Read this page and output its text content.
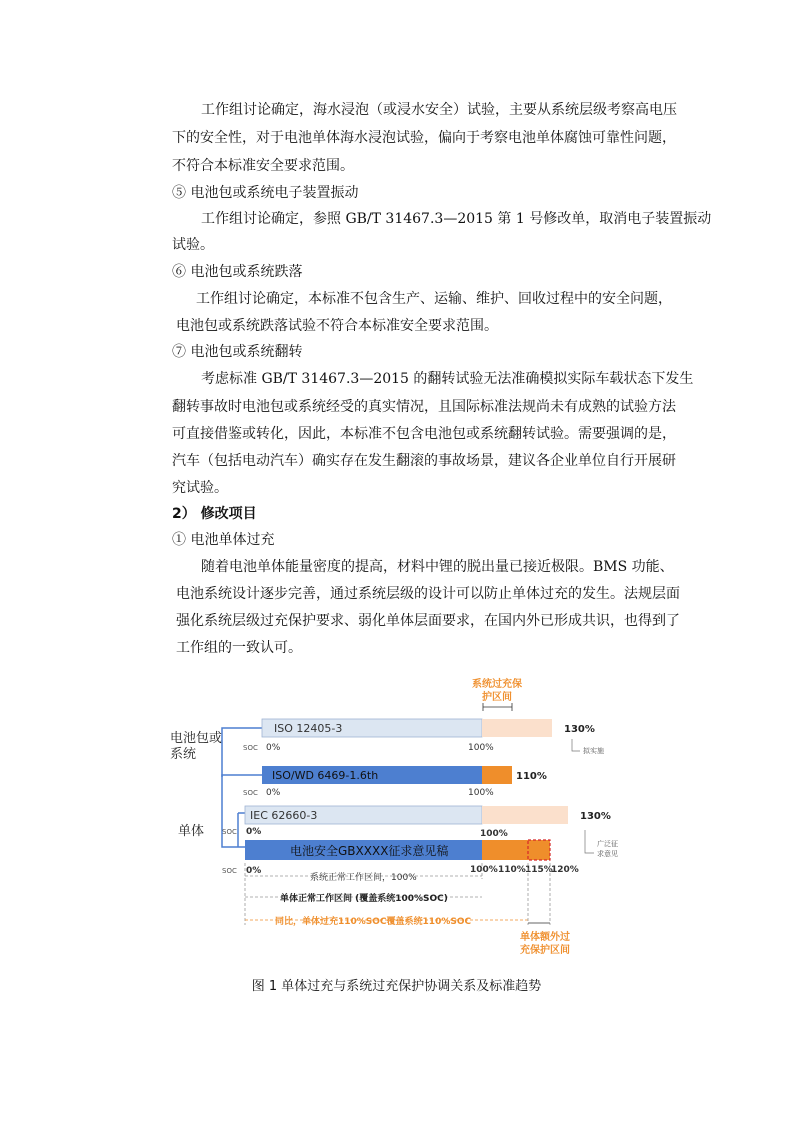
工作组讨论确定，海水浸泡（或浸水安全）试验，主要从系统层级考察高电压
下的安全性，对于电池单体海水浸泡试验，偏向于考察电池单体腐蚀可靠性问题，
不符合本标准安全要求范围。
⑤ 电池包或系统电子装置振动
工作组讨论确定，参照 GB/T 31467.3—2015 第 1 号修改单，取消电子装置振动
试验。
⑥ 电池包或系统跌落
工作组讨论确定，本标准不包含生产、运输、维护、回收过程中的安全问题，
电池包或系统跌落试验不符合本标准安全要求范围。
⑦ 电池包或系统翻转
考虑标准 GB/T 31467.3—2015 的翻转试验无法准确模拟实际车载状态下发生
翻转事故时电池包或系统经受的真实情况，且国际标准法规尚未有成熟的试验方法
可直接借鉴或转化，因此，本标准不包含电池包或系统翻转试验。需要强调的是，
汽车（包括电动汽车）确实存在发生翻滚的事故场景，建议各企业单位自行开展研
究试验。
2） 修改项目
① 电池单体过充
随着电池单体能量密度的提高，材料中锂的脱出量已接近极限。BMS 功能、
电池系统设计逐步完善，通过系统层级的设计可以防止单体过充的发生。法规层面
强化系统层级过充保护要求、弱化单体层面要求，在国内外已形成共识，也得到了
工作组的一致认可。
系统过充保
护区间
电池包或
系统
单体
ISO 12405-3	130%
SOC 0%	100%	拟实施
ISO/WD 6469-1.6th	110%
SOC 0%	100%
IEC 62660-3	130%
SOC 0%	100%
电池安全GBXXXX征求意见稿
SOC 0%	100% 110% 115%
120%
广泛征
求意见
系统正常工作区间，100%
单体正常工作区间 (覆盖系统100%SOC)
同比，单体过充110%SOC覆盖系统110%SOC
单体额外过
充保护区间
图 1 单体过充与系统过充保护协调关系及标准趋势
